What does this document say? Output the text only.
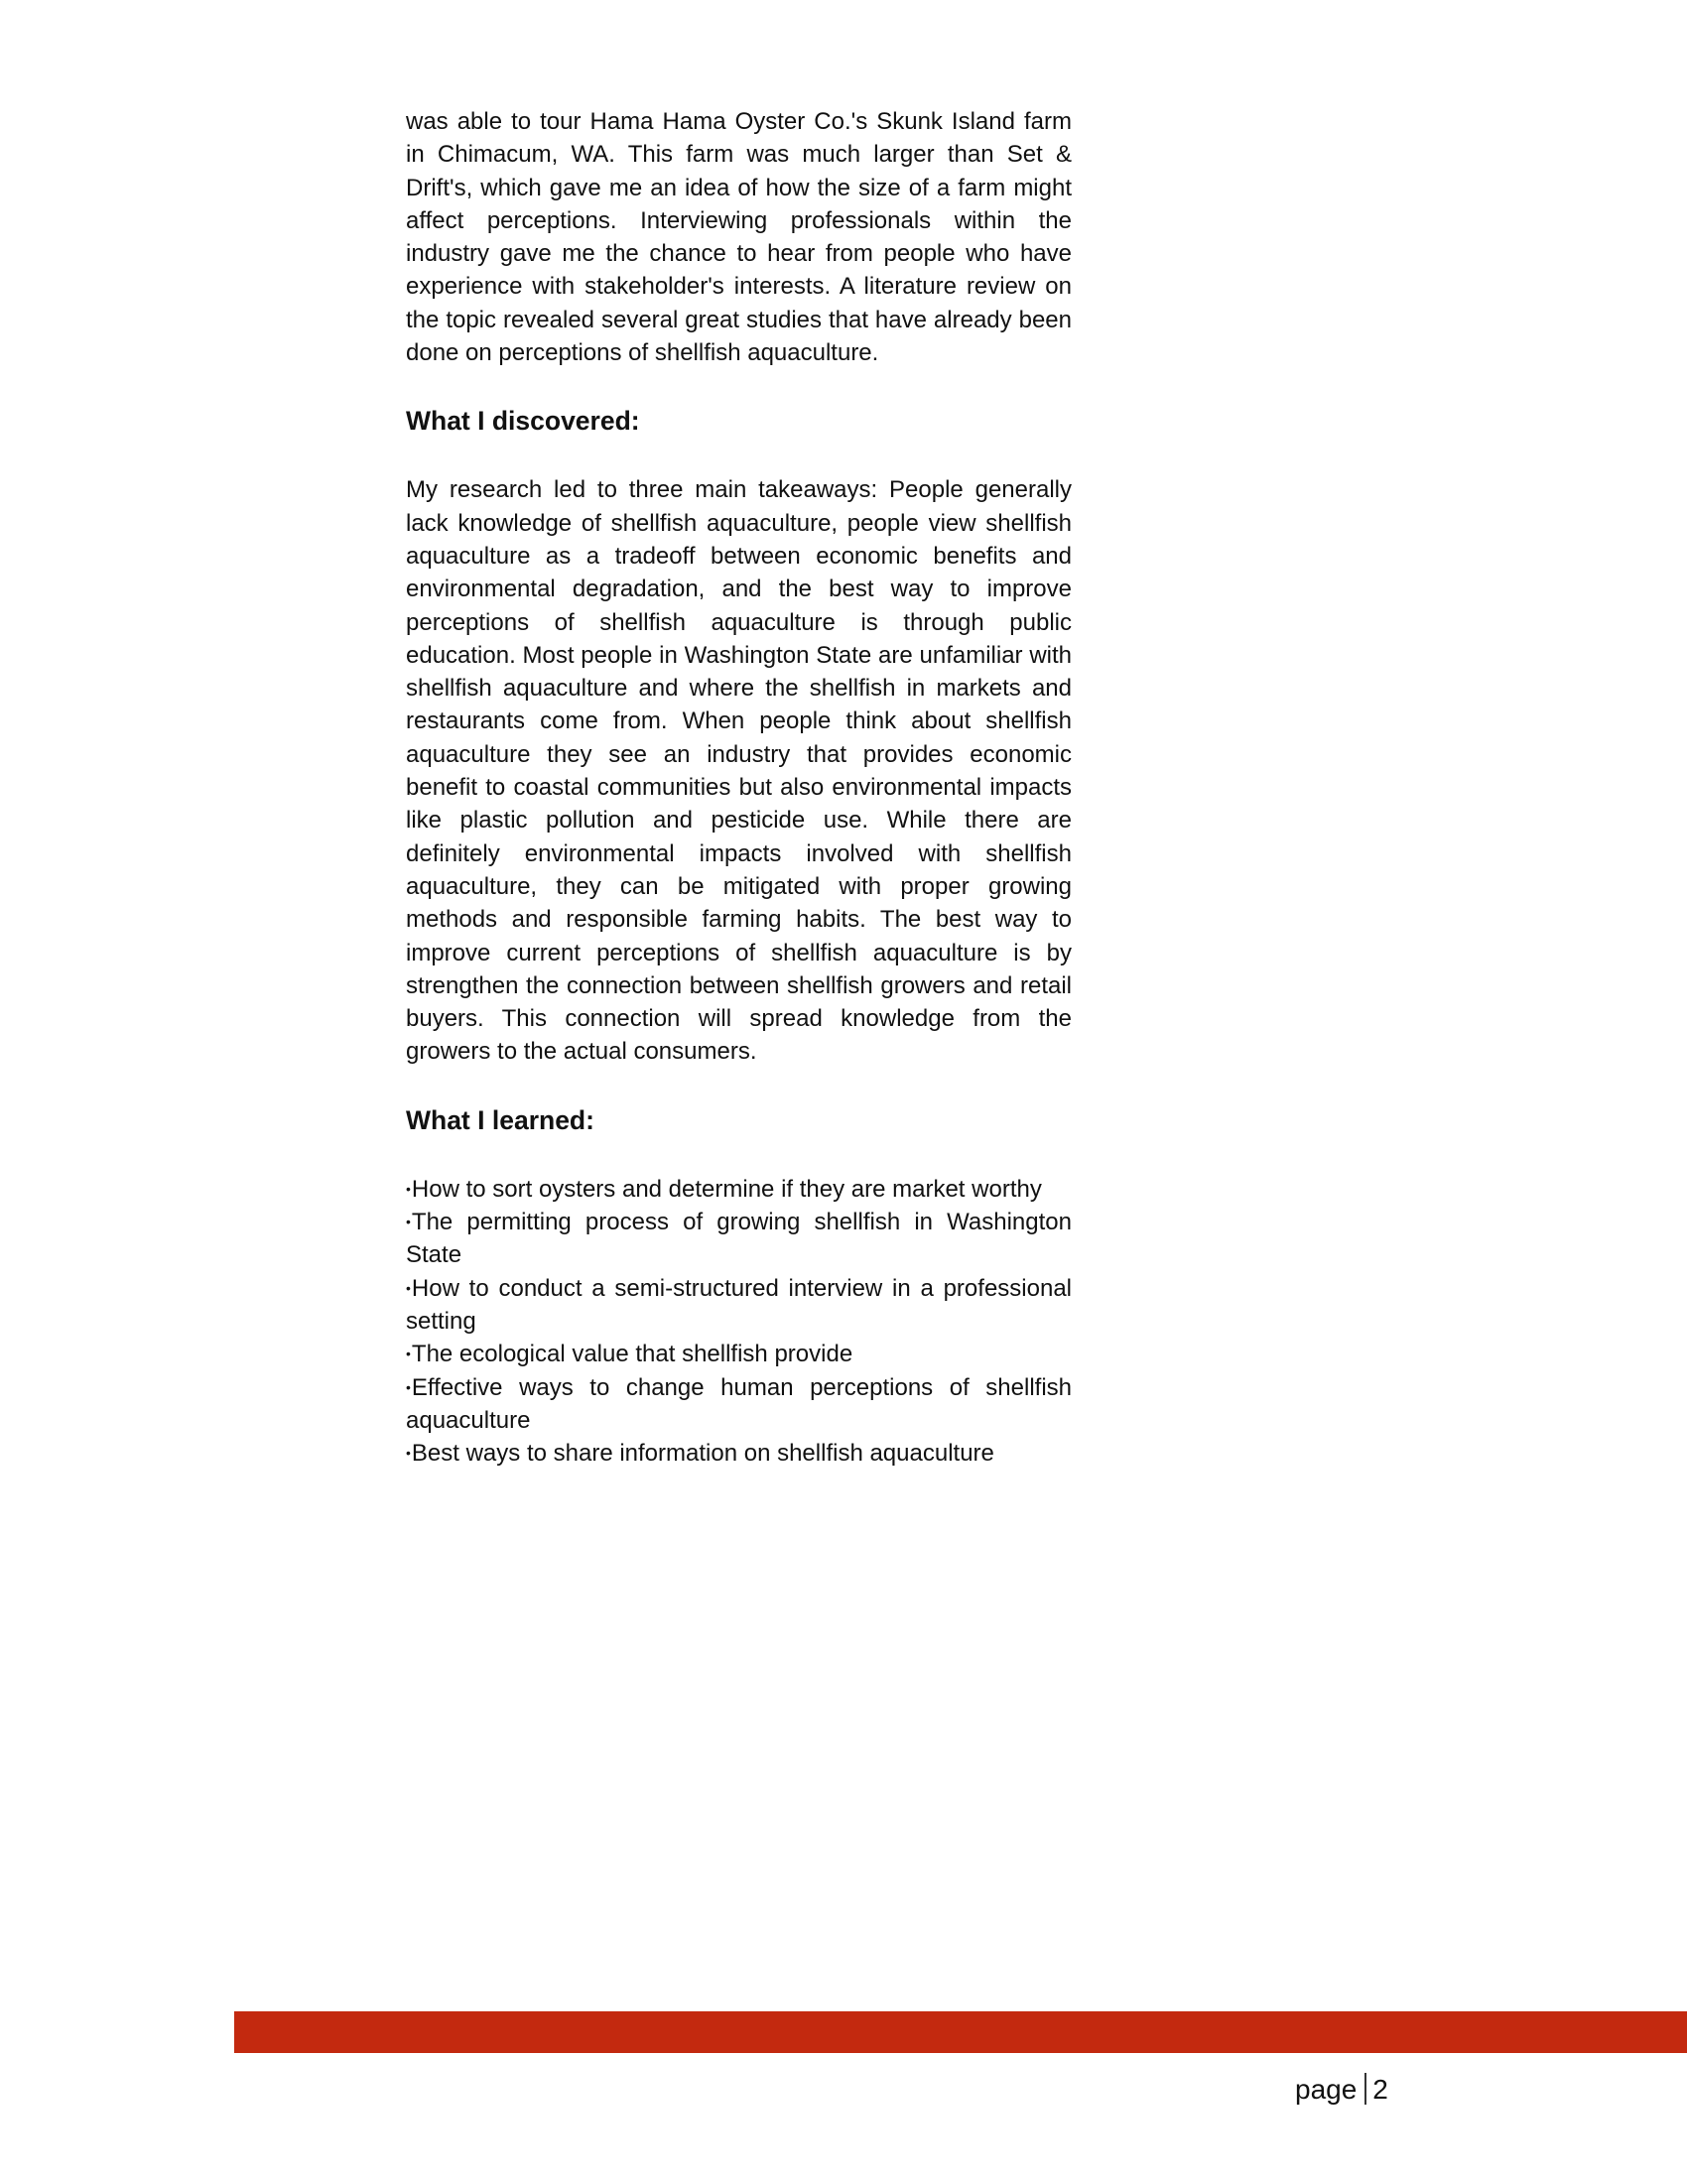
was able to tour Hama Hama Oyster Co.'s Skunk Island farm in Chimacum, WA. This farm was much larger than Set & Drift's, which gave me an idea of how the size of a farm might affect perceptions. Interviewing professionals within the industry gave me the chance to hear from people who have experience with stakeholder's interests. A literature review on the topic revealed several great studies that have already been done on perceptions of shellfish aquaculture.

What I discovered:

My research led to three main takeaways: People generally lack knowledge of shellfish aquaculture, people view shellfish aquaculture as a tradeoff between economic benefits and environmental degradation, and the best way to improve perceptions of shellfish aquaculture is through public education. Most people in Washington State are unfamiliar with shellfish aquaculture and where the shellfish in markets and restaurants come from. When people think about shellfish aquaculture they see an industry that provides economic benefit to coastal communities but also environmental impacts like plastic pollution and pesticide use. While there are definitely environmental impacts involved with shellfish aquaculture, they can be mitigated with proper growing methods and responsible farming habits. The best way to improve current perceptions of shellfish aquaculture is by strengthen the connection between shellfish growers and retail buyers. This connection will spread knowledge from the growers to the actual consumers.

What I learned:
•How to sort oysters and determine if they are market worthy
•The permitting process of growing shellfish in Washington State
•How to conduct a semi-structured interview in a professional setting
•The ecological value that shellfish provide
•Effective ways to change human perceptions of shellfish aquaculture
•Best ways to share information on shellfish aquaculture
page 2
